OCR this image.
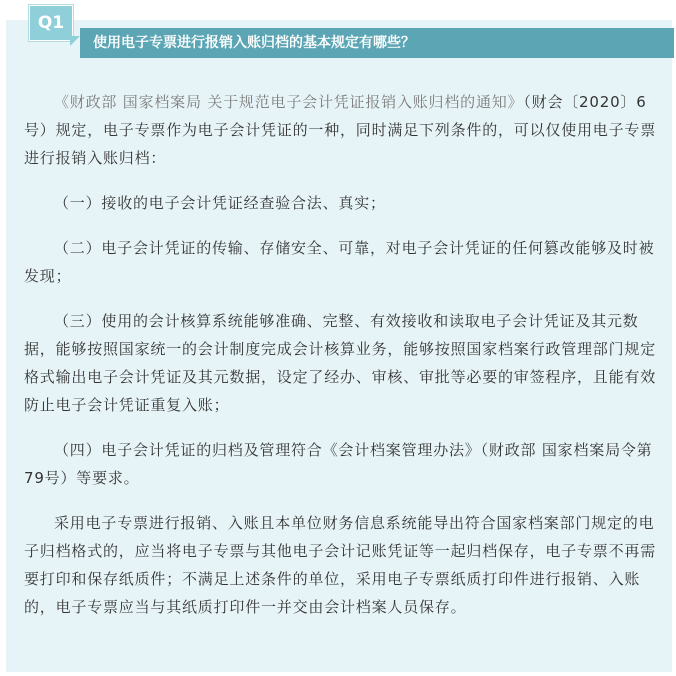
使用电子专票进行报销入账归档的基本规定有哪些？
Q1

《财政部 国家档案局 关于规范电子会计凭证报销入账归档的通知》（财会〔2020〕6号）规定，电子专票作为电子会计凭证的一种，同时满足下列条件的，可以仅使用电子专票进行报销入账归档：

（一）接收的电子会计凭证经查验合法、真实；

（二）电子会计凭证的传输、存储安全、可靠，对电子会计凭证的任何篡改能够及时被发现；

（三）使用的会计核算系统能够准确、完整、有效接收和读取电子会计凭证及其元数据，能够按照国家统一的会计制度完成会计核算业务，能够按照国家档案行政管理部门规定格式输出电子会计凭证及其元数据，设定了经办、审核、审批等必要的审签程序，且能有效防止电子会计凭证重复入账；

（四）电子会计凭证的归档及管理符合《会计档案管理办法》（财政部 国家档案局令第79号）等要求。

采用电子专票进行报销、入账且本单位财务信息系统能导出符合国家档案部门规定的电子归档格式的，应当将电子专票与其他电子会计记账凭证等一起归档保存，电子专票不再需要打印和保存纸质件；不满足上述条件的单位，采用电子专票纸质打印件进行报销、入账的，电子专票应当与其纸质打印件一并交由会计档案人员保存。
